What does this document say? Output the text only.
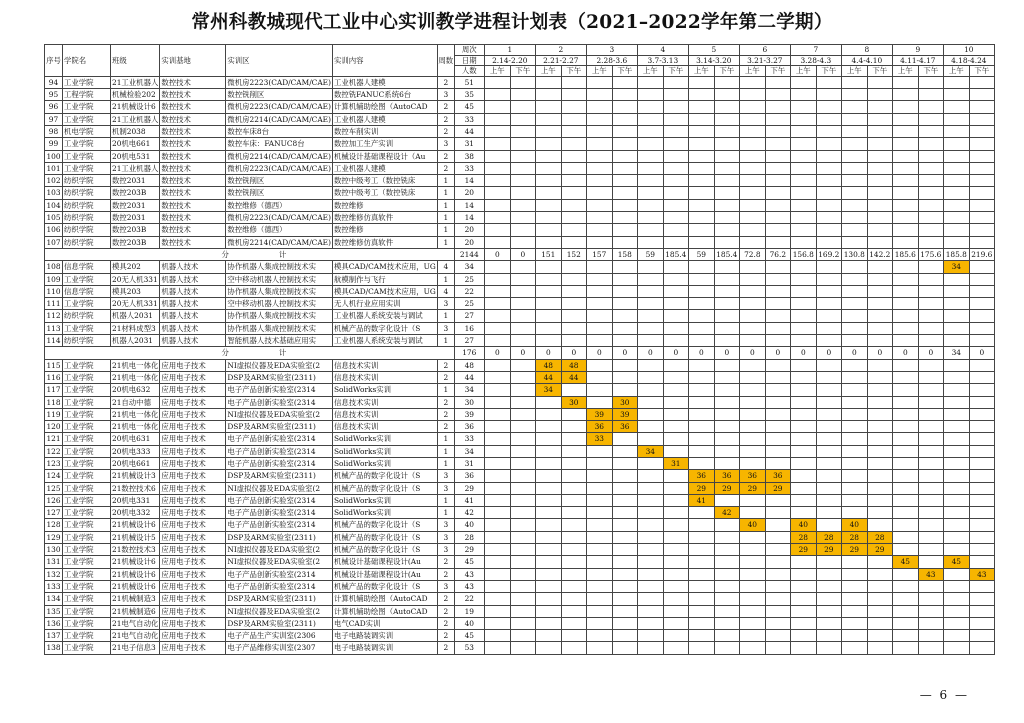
常州科教城现代工业中心实训教学进程计划表（2021–2022学年第二学期）
序号	学院名	班级	实训基地	实训区	实训内容	周数	周次	1		2		3		4		5		6		7		8		9		10	
							日期	2.14-2.20		2.21-2.27		2.28-3.6		3.7-3.13		3.14-3.20		3.21-3.27		3.28-4.3		4.4-4.10		4.11-4.17		4.18-4.24	
							人数	上午	下午	上午	下午	上午	下午	上午	下午	上午	下午	上午	下午	上午	下午	上午	下午	上午	下午	上午	下午
94	工业学院	21工业机器人	数控技术	微机房2223(CAD/CAM/CAE)	工业机器人建模	2	51																				
95	工程学院	机械检验202	数控技术	数控铣削区	数控铣FANUC系统6台	3	35																				
96	工业学院	21机械设计6	数控技术	微机房2223(CAD/CAM/CAE)	计算机辅助绘图（AutoCAD	2	45																				
97	工业学院	21工业机器人	数控技术	微机房2214(CAD/CAM/CAE)	工业机器人建模	2	33																				
98	机电学院	机制2038	数控技术	数控车床8台	数控车削实训	2	44																				
99	工业学院	20机电661	数控技术	数控车床：FANUC8台	数控加工生产实训	3	31																				
100	工业学院	20机电531	数控技术	微机房2214(CAD/CAM/CAE)	机械设计基础课程设计（Au	2	38																				
101	工业学院	21工业机器人	数控技术	微机房2223(CAD/CAM/CAE)	工业机器人建模	2	33																				
102	纺织学院	数控2031	数控技术	数控铣削区	数控中级考工（数控铣床	1	14																				
103	纺织学院	数控203B	数控技术	数控铣削区	数控中级考工（数控铣床	1	20																				
104	纺织学院	数控2031	数控技术	数控维修（德西）	数控维修	1	14																				
105	纺织学院	数控2031	数控技术	微机房2223(CAD/CAM/CAE)	数控维修仿真软件	1	14																				
106	纺织学院	数控203B	数控技术	数控维修（德西）	数控维修	1	20																				
107	纺织学院	数控203B	数控技术	微机房2214(CAD/CAM/CAE)	数控维修仿真软件	1	20																				
分计							2144	0	0	151	152	157	158	59	185.4	59	185.4	72.8	76.2	156.8	169.2	130.8	142.2	185.6	175.6	185.8	219.6
108	信息学院	模具202	机器人技术	协作机器人集成控制技术实	模具CAD/CAM技术应用，UG	4	34																			34	
109	工业学院	20无人机331	机器人技术	空中移动机器人控制技术实	航模制作与飞行	1	25																				
110	信息学院	模具203	机器人技术	协作机器人集成控制技术实	模具CAD/CAM技术应用，UG	4	22																				
111	工业学院	20无人机331	机器人技术	空中移动机器人控制技术实	无人机行业应用实训	3	25																				
112	纺织学院	机器人2031	机器人技术	协作机器人集成控制技术实	工业机器人系统安装与调试	1	27																				
113	工业学院	21材料成型3	机器人技术	协作机器人集成控制技术实	机械产品的数字化设计（S	3	16																				
114	纺织学院	机器人2031	机器人技术	智能机器人技术基础应用实	工业机器人系统安装与调试	1	27																				
分计							176	0	0	0	0	0	0	0	0	0	0	0	0	0	0	0	0	0	0	34	0
115	工业学院	21机电一体化	应用电子技术	NI虚拟仪器及EDA实验室(2	信息技术实训	2	48			48	48																
116	工业学院	21机电一体化	应用电子技术	DSP及ARM实验室(2311)	信息技术实训	2	44			44	44																
117	工业学院	20机电632	应用电子技术	电子产品创新实验室(2314	SolidWorks实训	1	34			34																	
118	工业学院	21自动中德	应用电子技术	电子产品创新实验室(2314	信息技术实训	2	30				30		30														
119	工业学院	21机电一体化	应用电子技术	NI虚拟仪器及EDA实验室(2	信息技术实训	2	39					39	39														
120	工业学院	21机电一体化	应用电子技术	DSP及ARM实验室(2311)	信息技术实训	2	36					36	36														
121	工业学院	20机电631	应用电子技术	电子产品创新实验室(2314	SolidWorks实训	1	33					33															
122	工业学院	20机电333	应用电子技术	电子产品创新实验室(2314	SolidWorks实训	1	34							34													
123	工业学院	20机电661	应用电子技术	电子产品创新实验室(2314	SolidWorks实训	1	31								31												
124	工业学院	21机械设计3	应用电子技术	DSP及ARM实验室(2311)	机械产品的数字化设计（S	3	36									36	36	36	36								
125	工业学院	21数控技术6	应用电子技术	NI虚拟仪器及EDA实验室(2	机械产品的数字化设计（S	3	29									29	29	29	29								
126	工业学院	20机电331	应用电子技术	电子产品创新实验室(2314	SolidWorks实训	1	41									41											
127	工业学院	20机电332	应用电子技术	电子产品创新实验室(2314	SolidWorks实训	1	42										42										
128	工业学院	21机械设计6	应用电子技术	电子产品创新实验室(2314	机械产品的数字化设计（S	3	40											40		40		40					
129	工业学院	21机械设计5	应用电子技术	DSP及ARM实验室(2311)	机械产品的数字化设计（S	3	28													28	28	28	28				
130	工业学院	21数控技术3	应用电子技术	NI虚拟仪器及EDA实验室(2	机械产品的数字化设计（S	3	29													29	29	29	29				
131	工业学院	21机械设计6	应用电子技术	NI虚拟仪器及EDA实验室(2	机械设计基础课程设计(Au	2	45																	45		45	
132	工业学院	21机械设计6	应用电子技术	电子产品创新实验室(2314	机械设计基础课程设计(Au	2	43																		43		43
133	工业学院	21机械设计6	应用电子技术	电子产品创新实验室(2314	机械产品的数字化设计（S	3	43																				
134	工业学院	21机械制造3	应用电子技术	DSP及ARM实验室(2311)	计算机辅助绘图（AutoCAD	2	22																				
135	工业学院	21机械制造6	应用电子技术	NI虚拟仪器及EDA实验室(2	计算机辅助绘图（AutoCAD	2	19																				
136	工业学院	21电气自动化	应用电子技术	DSP及ARM实验室(2311)	电气CAD实训	2	40																				
137	工业学院	21电气自动化	应用电子技术	电子产品生产实训室(2306	电子电路装调实训	2	45																				
138	工业学院	21电子信息3	应用电子技术	电子产品维修实训室(2307	电子电路装调实训	2	53																				
— 6 —
